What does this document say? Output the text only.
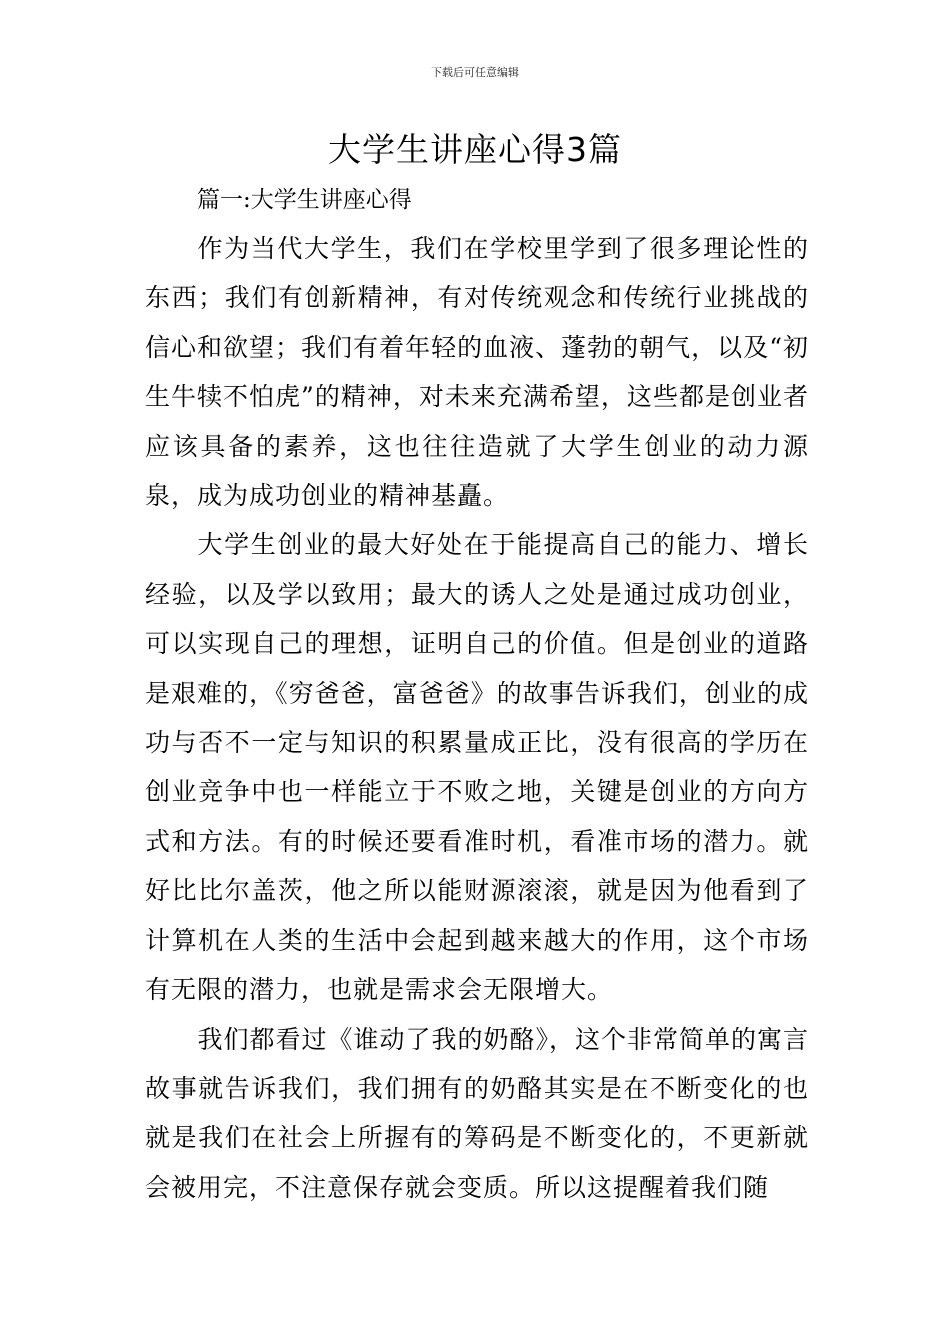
下载后可任意编辑
大学生讲座心得3篇
篇一:大学生讲座心得

作为当代大学生，我们在学校里学到了很多理论性的东西；我们有创新精神，有对传统观念和传统行业挑战的信心和欲望；我们有着年轻的血液、蓬勃的朝气，以及“初生牛犊不怕虎”的精神，对未来充满希望，这些都是创业者应该具备的素养，这也往往造就了大学生创业的动力源泉，成为成功创业的精神基矗。

大学生创业的最大好处在于能提高自己的能力、增长经验，以及学以致用；最大的诱人之处是通过成功创业，可以实现自己的理想，证明自己的价值。但是创业的道路是艰难的，《穷爸爸，富爸爸》的故事告诉我们，创业的成功与否不一定与知识的积累量成正比，没有很高的学历在创业竞争中也一样能立于不败之地，关键是创业的方向方式和方法。有的时候还要看准时机，看准市场的潜力。就好比比尔盖茨，他之所以能财源滚滚，就是因为他看到了计算机在人类的生活中会起到越来越大的作用，这个市场有无限的潜力，也就是需求会无限增大。

我们都看过《谁动了我的奶酪》，这个非常简单的寓言故事就告诉我们，我们拥有的奶酪其实是在不断变化的也就是我们在社会上所握有的筹码是不断变化的，不更新就会被用完，不注意保存就会变质。所以这提醒着我们随
